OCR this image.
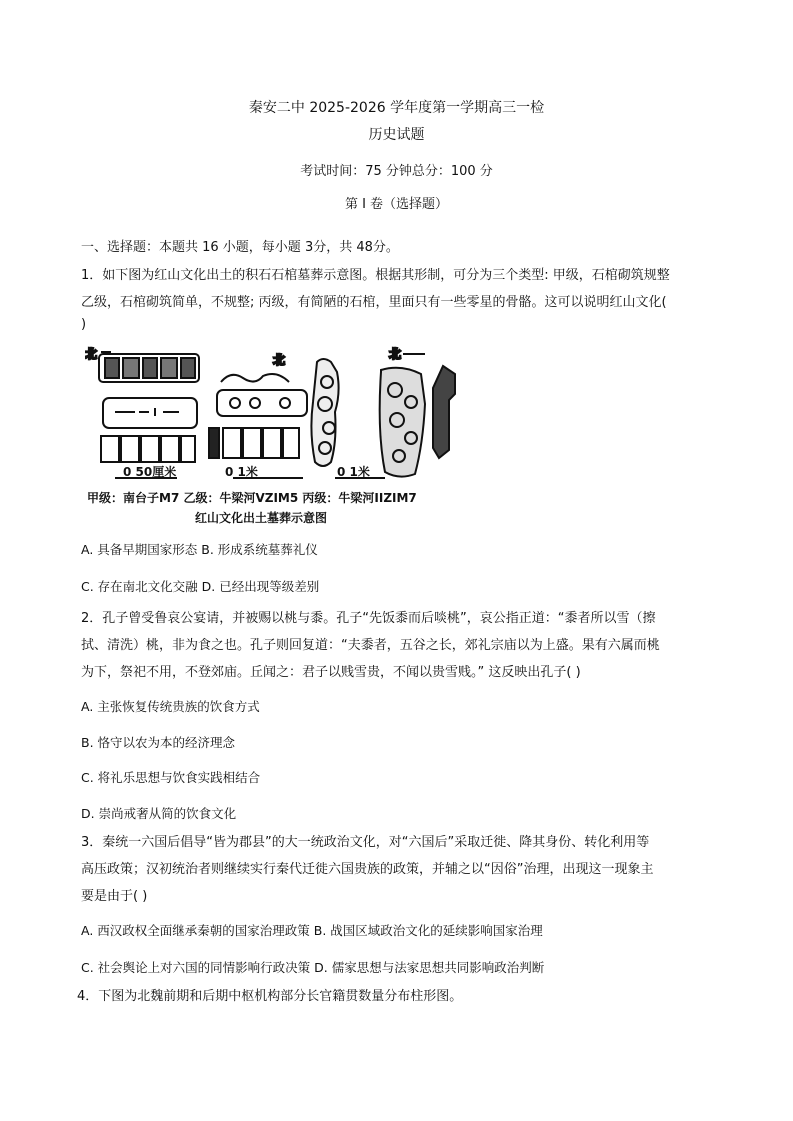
秦安二中 2025-2026 学年度第一学期高三一检
历史试题
考试时间：75 分钟总分：100 分
第 I 卷（选择题）
一、选择题：本题共 16 小题，每小题 3分，共 48分。
1．如下图为红山文化出土的积石石棺墓葬示意图。根据其形制，可分为三个类型: 甲级，石棺砌筑规整
乙级，石棺砌筑简单，不规整; 丙级，有简陋的石棺，里面只有一些零星的骨骼。这可以说明红山文化(
)
北	北	北
0 50厘米	0 1米	0 1米
甲级：南台子M7 乙级：牛梁河VZIM5 丙级：牛梁河IIZIM7
红山文化出土墓葬示意图
A. 具备早期国家形态 B. 形成系统墓葬礼仪
C. 存在南北文化交融 D. 已经出现等级差别
2．孔子曾受鲁哀公宴请，并被赐以桃与黍。孔子“先饭黍而后啖桃”，哀公指正道：“黍者所以雪（擦
拭、清洗）桃，非为食之也。孔子则回复道：“夫黍者，五谷之长，郊礼宗庙以为上盛。果有六属而桃
为下，祭祀不用，不登郊庙。丘闻之：君子以贱雪贵，不闻以贵雪贱。” 这反映出孔子( )
A. 主张恢复传统贵族的饮食方式
B. 恪守以农为本的经济理念
C. 将礼乐思想与饮食实践相结合
D. 崇尚戒奢从简的饮食文化
3．秦统一六国后倡导“皆为郡县”的大一统政治文化，对“六国后”采取迁徙、降其身份、转化利用等
高压政策；汉初统治者则继续实行秦代迁徙六国贵族的政策，并辅之以“因俗”治理，出现这一现象主
要是由于( )
A. 西汉政权全面继承秦朝的国家治理政策 B. 战国区域政治文化的延续影响国家治理
C. 社会舆论上对六国的同情影响行政决策 D. 儒家思想与法家思想共同影响政治判断
4．下图为北魏前期和后期中枢机构部分长官籍贯数量分布柱形图。
